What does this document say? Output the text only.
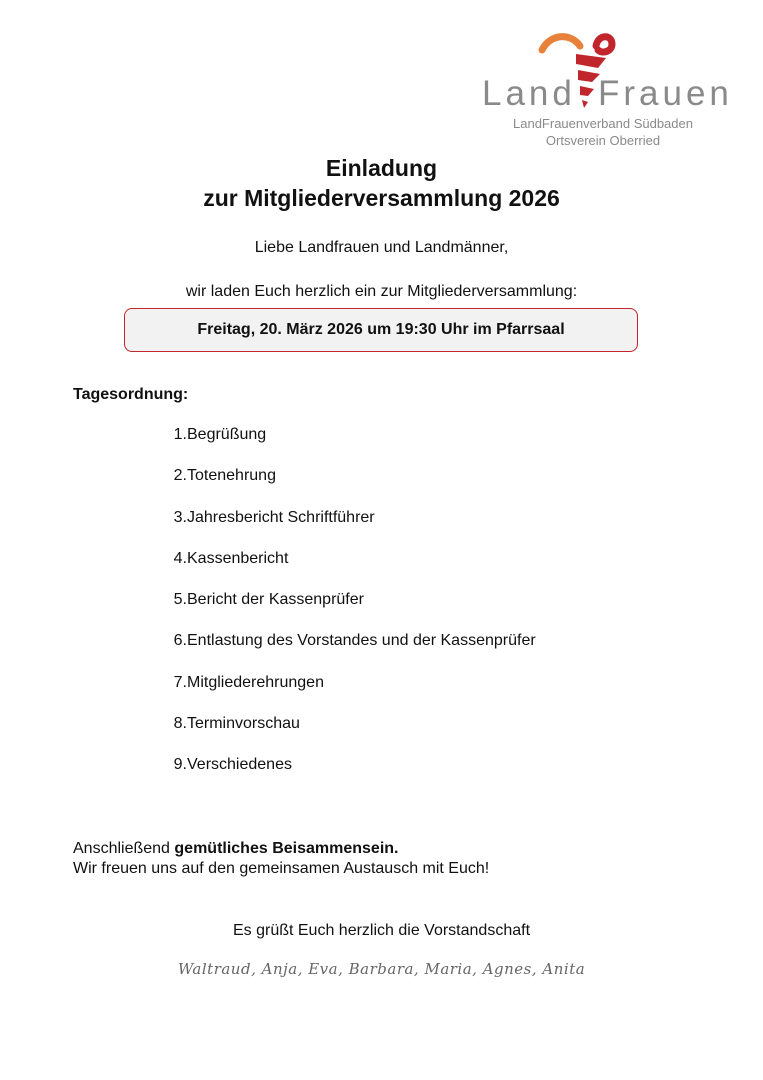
Land Frauen
LandFrauenverband Südbaden
Ortsverein Oberried
Einladung
zur Mitgliederversammlung 2026
Liebe Landfrauen und Landmänner,
wir laden Euch herzlich ein zur Mitgliederversammlung:
Freitag, 20. März 2026 um 19:30 Uhr im Pfarrsaal
Tagesordnung:
1. Begrüßung
2. Totenehrung
3. Jahresbericht Schriftführer
4. Kassenbericht
5. Bericht der Kassenprüfer
6. Entlastung des Vorstandes und der Kassenprüfer
7. Mitgliederehrungen
8. Terminvorschau
9. Verschiedenes
Anschließend gemütliches Beisammensein.
Wir freuen uns auf den gemeinsamen Austausch mit Euch!
Es grüßt Euch herzlich die Vorstandschaft
Waltraud, Anja, Eva, Barbara, Maria, Agnes, Anita
